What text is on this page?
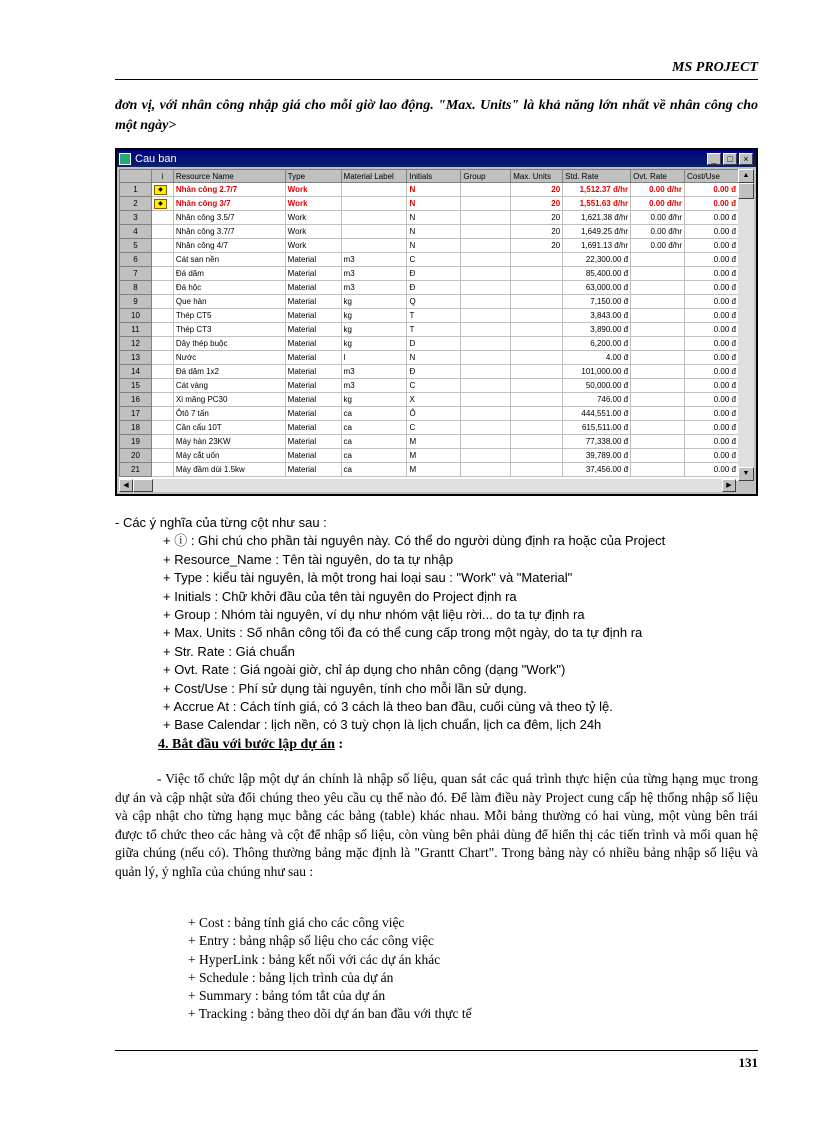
MS PROJECT
đơn vị, với nhân công nhập giá cho mỗi giờ lao động. "Max. Units" là khả năng lớn nhất về nhân công cho một ngày>
Cau ban	_	□	×
	i	Resource Name	Type	Material Label	Initials	Group	Max. Units	Std. Rate	Ovt. Rate	Cost/Use
1	◆	Nhân công 2.7/7	Work		N		20	1,512.37 đ/hr	0.00 đ/hr	0.00 đ
2	◆	Nhân công 3/7	Work		N		20	1,551.63 đ/hr	0.00 đ/hr	0.00 đ
3		Nhân công 3.5/7	Work		N		20	1,621.38 đ/hr	0.00 đ/hr	0.00 đ
4		Nhân công 3.7/7	Work		N		20	1,649.25 đ/hr	0.00 đ/hr	0.00 đ
5		Nhân công 4/7	Work		N		20	1,691.13 đ/hr	0.00 đ/hr	0.00 đ
6		Cát san nền	Material	m3	C			22,300.00 đ		0.00 đ
7		Đá dăm	Material	m3	Đ			85,400.00 đ		0.00 đ
8		Đá hộc	Material	m3	Đ			63,000.00 đ		0.00 đ
9		Que hàn	Material	kg	Q			7,150.00 đ		0.00 đ
10		Thép CT5	Material	kg	T			3,843.00 đ		0.00 đ
11		Thép CT3	Material	kg	T			3,890.00 đ		0.00 đ
12		Dây thép buộc	Material	kg	D			6,200.00 đ		0.00 đ
13		Nước	Material	l	N			4.00 đ		0.00 đ
14		Đá dăm 1x2	Material	m3	Đ			101,000.00 đ		0.00 đ
15		Cát vàng	Material	m3	C			50,000.00 đ		0.00 đ
16		Xi măng PC30	Material	kg	X			746.00 đ		0.00 đ
17		Ôtô 7 tấn	Material	ca	Ô			444,551.00 đ		0.00 đ
18		Cần cẩu 10T	Material	ca	C			615,511.00 đ		0.00 đ
19		Máy hàn 23KW	Material	ca	M			77,338.00 đ		0.00 đ
20		Máy cắt uốn	Material	ca	M			39,789.00 đ		0.00 đ
21		Máy đầm dùi 1.5kw	Material	ca	M			37,456.00 đ		0.00 đ
▲
▼
◀	▶
- Các ý nghĩa của từng cột như sau :
+ ⓘ : Ghi chú cho phần tài nguyên này. Có thể do người dùng định ra hoặc của Project
+ Resource_Name : Tên tài nguyên, do ta tự nhập
+ Type : kiểu tài nguyên, là một trong hai loại sau : "Work" và "Material"
+ Initials : Chữ khởi đầu của tên tài nguyên do Project định ra
+ Group : Nhóm tài nguyên, ví dụ như nhóm vật liệu rời... do ta tự định ra
+ Max. Units : Số nhân công tối đa có thể cung cấp trong một ngày, do ta tự định ra
+ Str. Rate : Giá chuẩn
+ Ovt. Rate : Giá ngoài giờ, chỉ áp dụng cho nhân công (dạng "Work")
+ Cost/Use : Phí sử dụng tài nguyên, tính cho mỗi lần sử dụng.
+ Accrue At : Cách tính giá, có 3 cách là theo ban đầu, cuối cùng và theo tỷ lệ.
+ Base Calendar : lịch nền, có 3 tuỳ chọn là lịch chuẩn, lịch ca đêm, lịch 24h
4. Bắt đầu với bước lập dự án :
- Việc tổ chức lập một dự án chính là nhập số liệu, quan sát các quá trình thực hiện của từng hạng mục trong dự án và cập nhật sửa đổi chúng theo yêu cầu cụ thể nào đó. Để làm điều này Project cung cấp hệ thống nhập số liệu và cập nhật cho từng hạng mục bằng các bảng (table) khác nhau. Mỗi bảng thường có hai vùng, một vùng bên trái được tổ chức theo các hàng và cột để nhập số liệu, còn vùng bên phải dùng để hiển thị các tiến trình và mối quan hệ giữa chúng (nếu có). Thông thường bảng mặc định là "Grantt Chart". Trong bảng này có nhiều bảng nhập số liệu và quản lý, ý nghĩa của chúng như sau :
+ Cost : bảng tính giá cho các công việc
+ Entry : bảng nhập số liệu cho các công việc
+ HyperLink : bảng kết nối với các dự án khác
+ Schedule : bảng lịch trình của dự án
+ Summary : bảng tóm tắt của dự án
+ Tracking : bảng theo dõi dự án ban đầu với thực tế
131
